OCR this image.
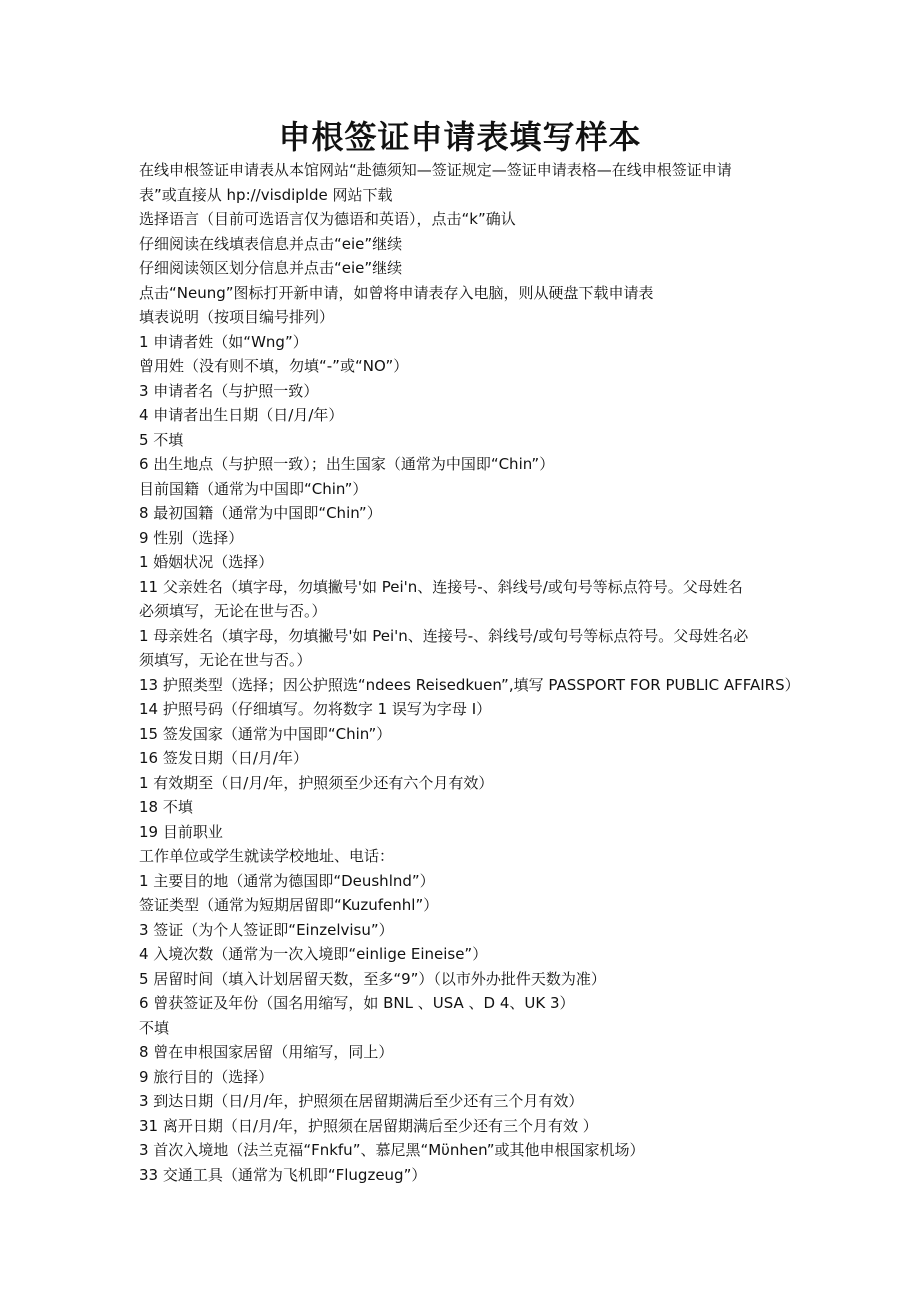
申根签证申请表填写样本
在线申根签证申请表从本馆网站“赴德须知—签证规定—签证申请表格—在线申根签证申请
表”或直接从 hp://visdiplde 网站下载
选择语言（目前可选语言仅为德语和英语），点击“k”确认
仔细阅读在线填表信息并点击“eie”继续
仔细阅读领区划分信息并点击“eie”继续
点击“Neung”图标打开新申请，如曾将申请表存入电脑，则从硬盘下载申请表
填表说明（按项目编号排列）
1 申请者姓（如“Wng”）
曾用姓（没有则不填，勿填“-”或“NO”）
3 申请者名（与护照一致）
4 申请者出生日期（日/月/年）
5 不填
6 出生地点（与护照一致）；出生国家（通常为中国即“Chin”）
目前国籍（通常为中国即“Chin”）
8 最初国籍（通常为中国即“Chin”）
9 性别（选择）
1 婚姻状况（选择）
11 父亲姓名（填字母，勿填撇号'如 Pei'n、连接号-、斜线号/或句号等标点符号。父母姓名
必须填写，无论在世与否。）
1 母亲姓名（填字母，勿填撇号'如 Pei'n、连接号-、斜线号/或句号等标点符号。父母姓名必
须填写，无论在世与否。）
13 护照类型（选择；因公护照选“ndees Reisedkuen”,填写 PASSPORT FOR PUBLIC AFFAIRS）
14 护照号码（仔细填写。勿将数字 1 误写为字母 I）
15 签发国家（通常为中国即“Chin”）
16 签发日期（日/月/年）
1 有效期至（日/月/年，护照须至少还有六个月有效）
18 不填
19 目前职业
工作单位或学生就读学校地址、电话：
1 主要目的地（通常为德国即“Deushlnd”）
签证类型（通常为短期居留即“Kuzufenhl”）
3 签证（为个人签证即“Einzelvisu”）
4 入境次数（通常为一次入境即“einlige Eineise”）
5 居留时间（填入计划居留天数，至多“9”）（以市外办批件天数为准）
6 曾获签证及年份（国名用缩写，如 BNL 、USA 、D 4、UK 3）
不填
8 曾在申根国家居留（用缩写，同上）
9 旅行目的（选择）
3 到达日期（日/月/年，护照须在居留期满后至少还有三个月有效）
31 离开日期（日/月/年，护照须在居留期满后至少还有三个月有效 ）
3 首次入境地（法兰克福“Fnkfu”、慕尼黑“Mϋnhen”或其他申根国家机场）
33 交通工具（通常为飞机即“Flugzeug”）
